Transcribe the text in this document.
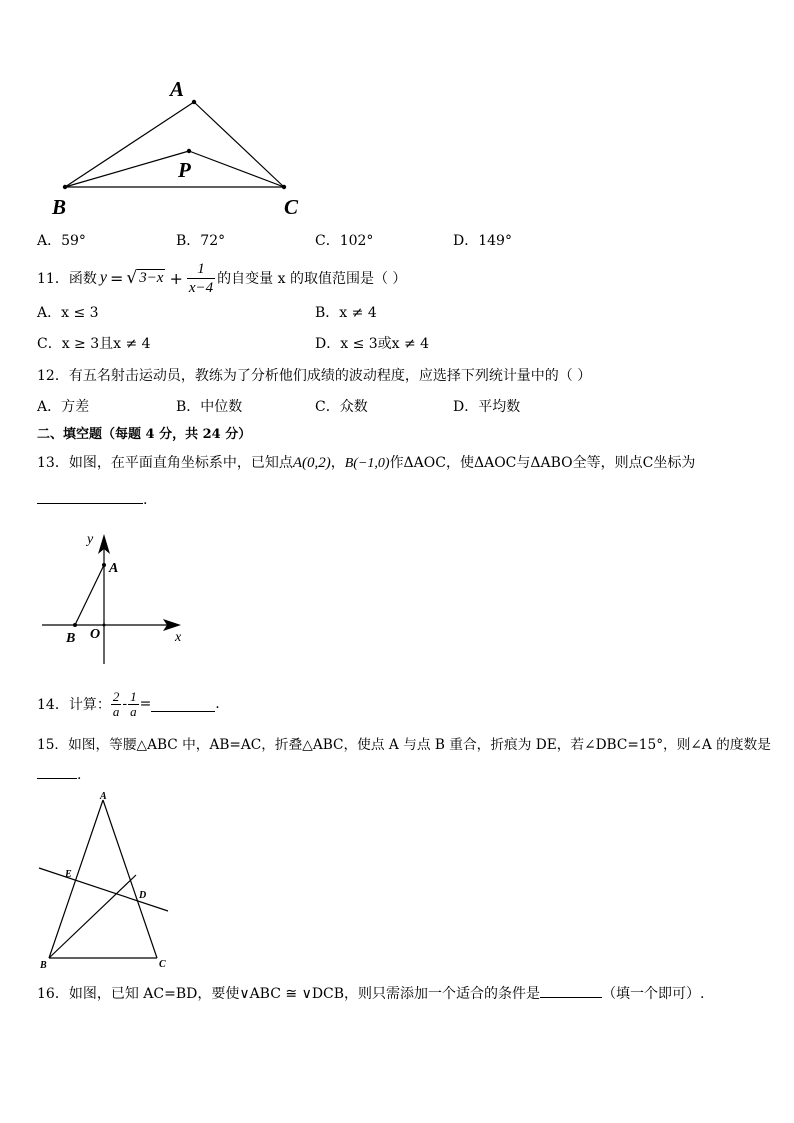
A
P
B	C
A．59°	B．72°	C．102°	D．149°
11．函数 y = √ $3-x + \frac{1}{x-4}$ 的自变量 x 的取值范围是（ ）
A．x ≤ 3	B．x ≠ 4
C．x ≥ 3且x ≠ 4	D．x ≤ 3或x ≠ 4
12．有五名射击运动员，教练为了分析他们成绩的波动程度，应选择下列统计量中的（ ）
A．方差	B．中位数	C．众数	D．平均数
二、填空题（每题 4 分，共 24 分）
13．如图，在平面直角坐标系中，已知点A(0,2)，B(−1,0)作ΔAOC，使ΔAOC与ΔABO全等，则点C坐标为
.
y
A
B O	x
14．计算： $\frac{2}{a} - \frac{1}{a}$ =	.
15．如图，等腰△ABC 中，AB=AC，折叠△ABC，使点 A 与点 B 重合，折痕为 DE，若∠DBC=15°，则∠A 的度数是
.
A
E
D
B	C
16．如图，已知 AC=BD，要使∨ABC ≅ ∨DCB，则只需添加一个适合的条件是	（填一个即可）.
